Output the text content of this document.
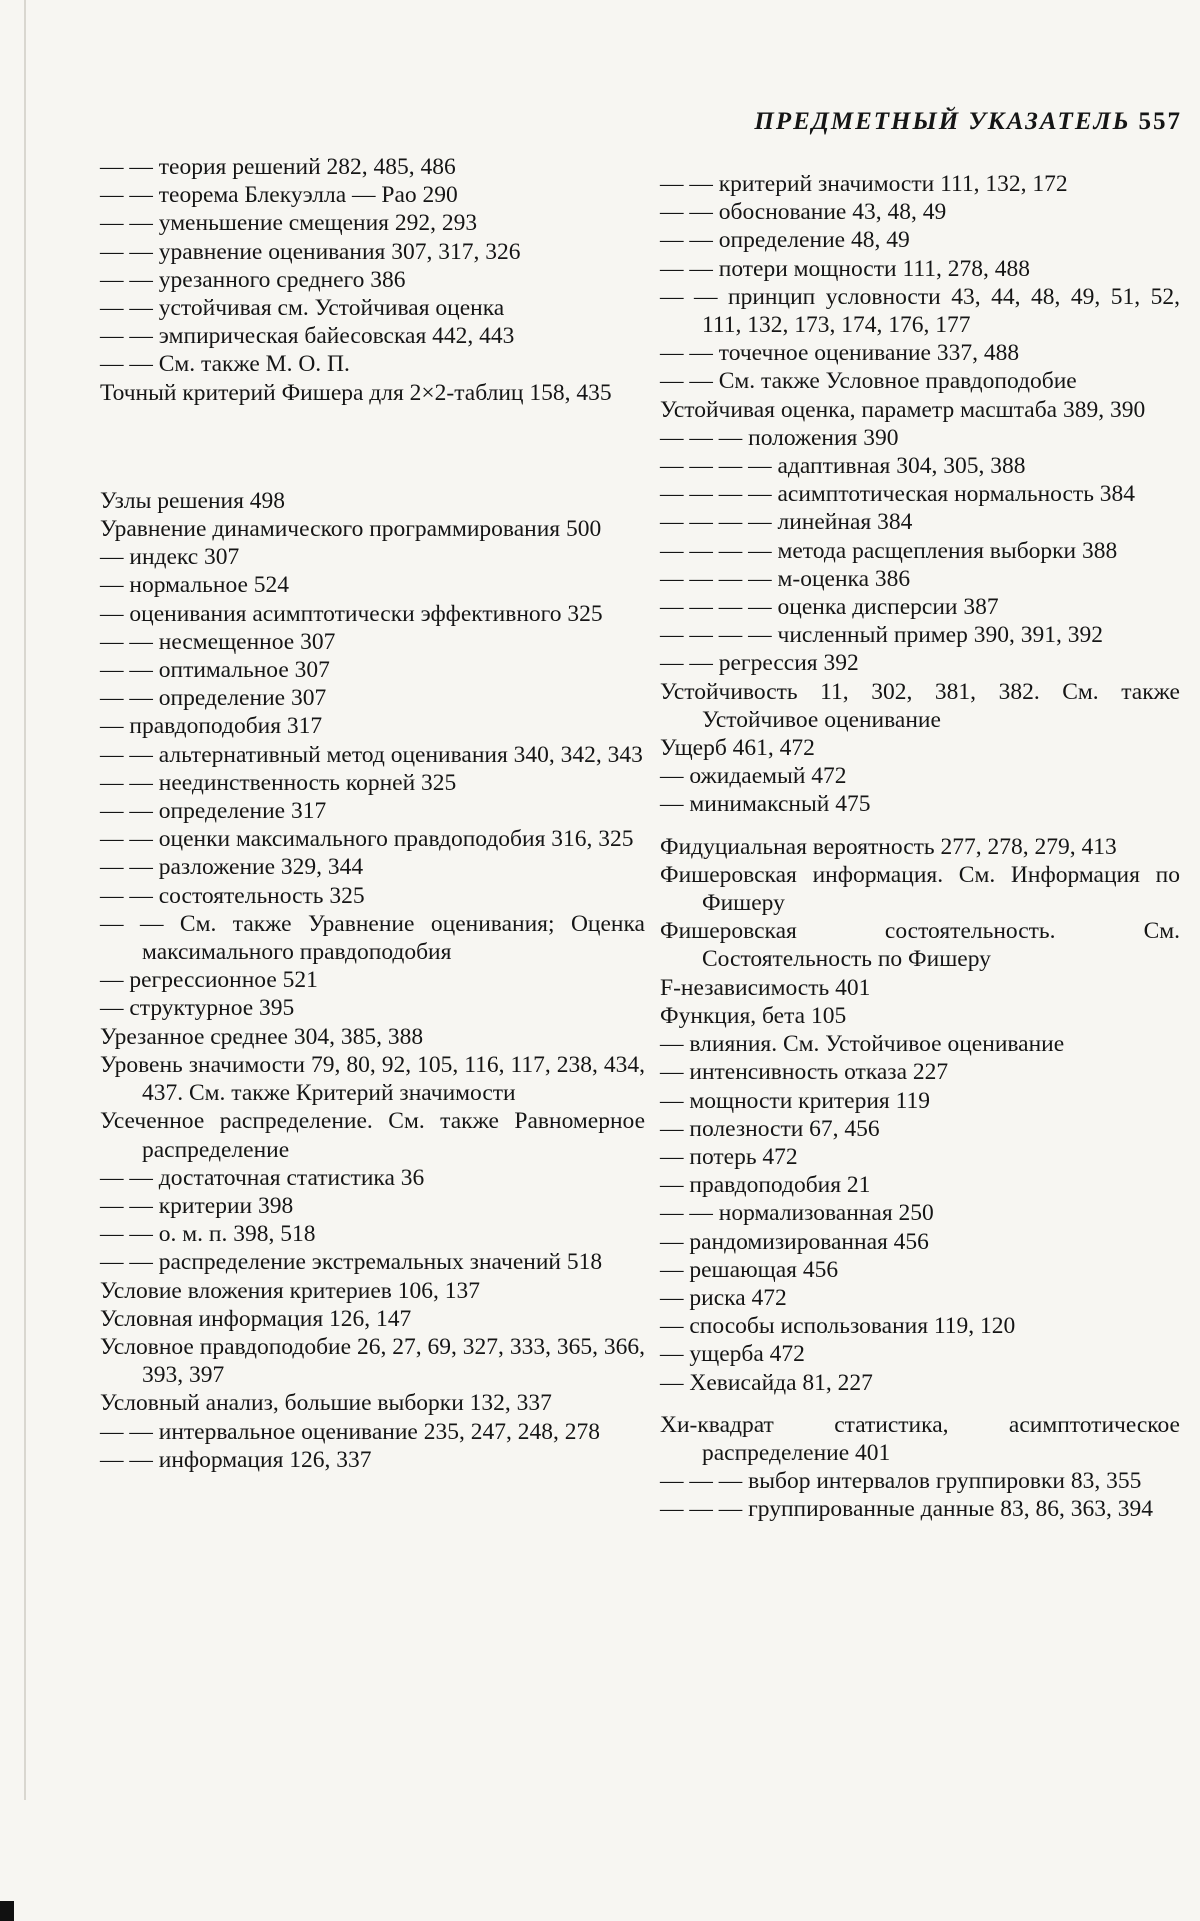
ПРЕДМЕТНЫЙ УКАЗАТЕЛЬ 557

— — теория решений 282, 485, 486

— — теорема Блекуэлла — Рао 290

— — уменьшение смещения 292, 293

— — уравнение оценивания 307, 317, 326

— — урезанного среднего 386

— — устойчивая см. Устойчивая оценка

— — эмпирическая байесовская 442, 443

— — См. также М. О. П.

Точный критерий Фишера для 2×2-таблиц 158, 435

Узлы решения 498

Уравнение динамического программирования 500

— индекс 307

— нормальное 524

— оценивания асимптотически эффективного 325

— — несмещенное 307

— — оптимальное 307

— — определение 307

— правдоподобия 317

— — альтернативный метод оценивания 340, 342, 343

— — неединственность корней 325

— — определение 317

— — оценки максимального правдоподобия 316, 325

— — разложение 329, 344

— — состоятельность 325

— — См. также Уравнение оценивания; Оценка максимального правдоподобия

— регрессионное 521

— структурное 395

Урезанное среднее 304, 385, 388

Уровень значимости 79, 80, 92, 105, 116, 117, 238, 434, 437. См. также Критерий значимости

Усеченное распределение. См. также Равномерное распределение

— — достаточная статистика 36

— — критерии 398

— — о. м. п. 398, 518

— — распределение экстремальных значений 518

Условие вложения критериев 106, 137

Условная информация 126, 147

Условное правдоподобие 26, 27, 69, 327, 333, 365, 366, 393, 397

Условный анализ, большие выборки 132, 337

— — интервальное оценивание 235, 247, 248, 278

— — информация 126, 337

— — критерий значимости 111, 132, 172

— — обоснование 43, 48, 49

— — определение 48, 49

— — потери мощности 111, 278, 488

— — принцип условности 43, 44, 48, 49, 51, 52, 111, 132, 173, 174, 176, 177

— — точечное оценивание 337, 488

— — См. также Условное правдоподобие

Устойчивая оценка, параметр масштаба 389, 390

— — — положения 390

— — — — адаптивная 304, 305, 388

— — — — асимптотическая нормальность 384

— — — — линейная 384

— — — — метода расщепления выборки 388

— — — — м-оценка 386

— — — — оценка дисперсии 387

— — — — численный пример 390, 391, 392

— — регрессия 392

Устойчивость 11, 302, 381, 382. См. также Устойчивое оценивание

Ущерб 461, 472

— ожидаемый 472

— минимаксный 475

Фидуциальная вероятность 277, 278, 279, 413

Фишеровская информация. См. Информация по Фишеру

Фишеровская состоятельность. См. Состоятельность по Фишеру

F-независимость 401

Функция, бета 105

— влияния. См. Устойчивое оценивание

— интенсивность отказа 227

— мощности критерия 119

— полезности 67, 456

— потерь 472

— правдоподобия 21

— — нормализованная 250

— рандомизированная 456

— решающая 456

— риска 472

— способы использования 119, 120

— ущерба 472

— Хевисайда 81, 227

Хи-квадрат статистика, асимптотическое распределение 401

— — — выбор интервалов группировки 83, 355

— — — группированные данные 83, 86, 363, 394
